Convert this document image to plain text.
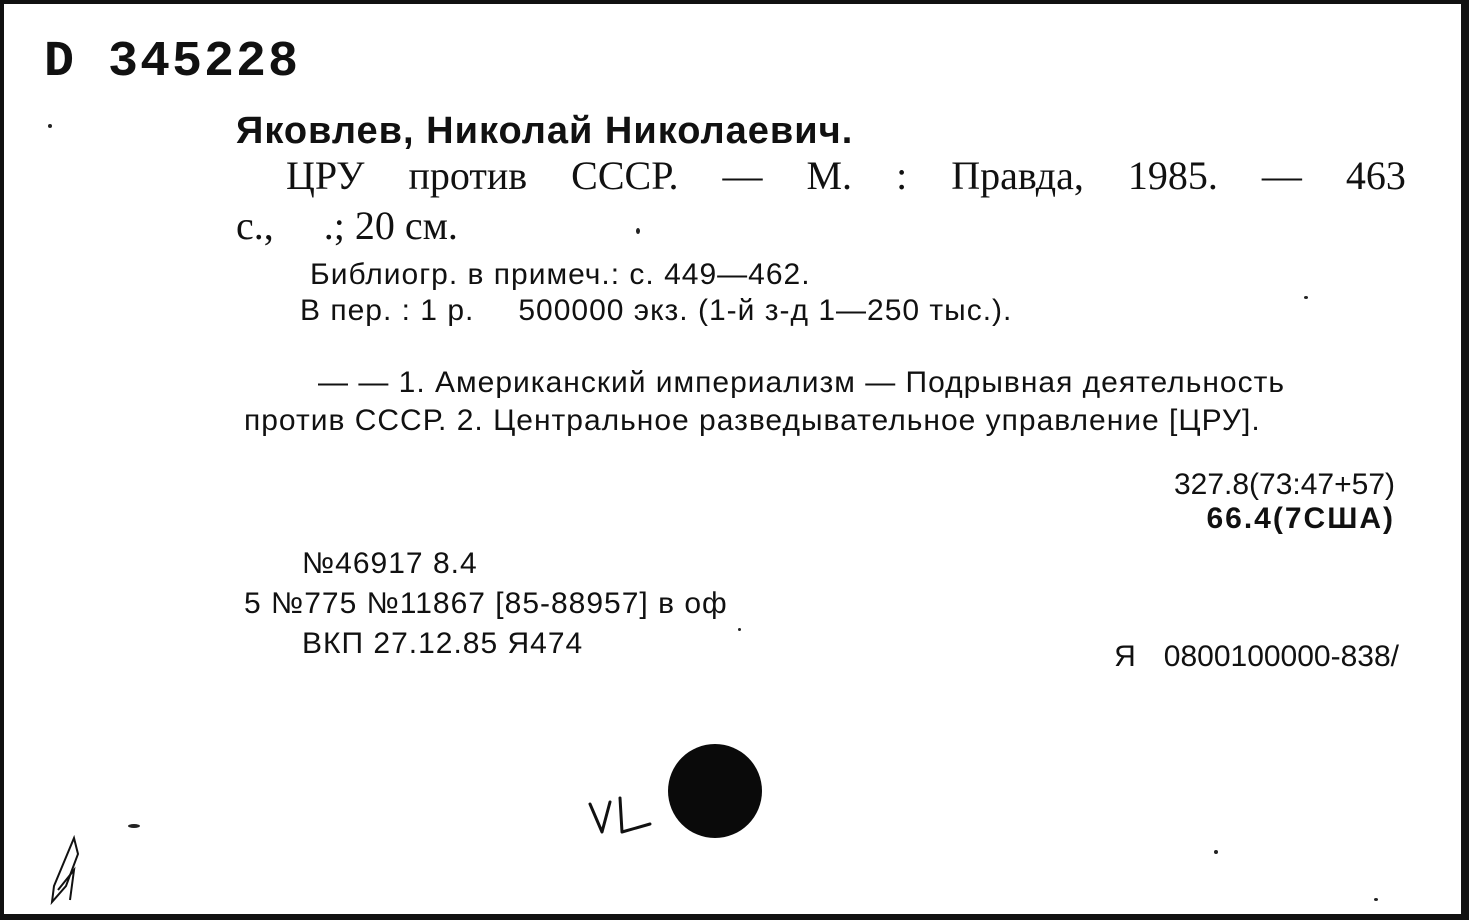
D 345228
Яковлев, Николай Николаевич.
ЦРУ против СССР. — М. : Правда, 1985. — 463
с.,     .; 20 см.
Библиогр. в примеч.: с. 449—462.
В пер. : 1 р. 500000 экз. (1-й з-д 1—250 тыс.).
— — 1. Американский империализм — Подрывная деятельность
против СССР. 2. Центральное разведывательное управление [ЦРУ].
327.8(73:47+57)
66.4(7США)
№46917 8.4
5 №775 №11867 [85-88957] в оф
ВКП 27.12.85 Я474	Я 0800100000-838/
